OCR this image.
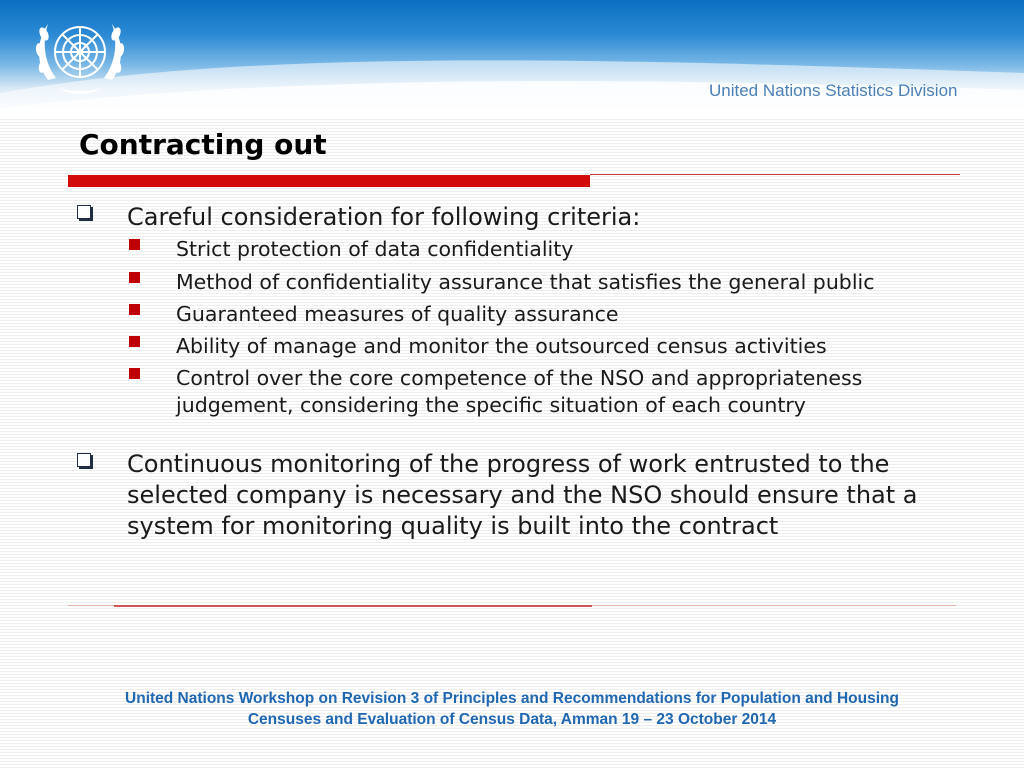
United Nations Statistics Division
Contracting out
Careful consideration for following criteria:
Strict protection of data confidentiality
Method of confidentiality assurance that satisfies the general public
Guaranteed measures of quality assurance
Ability of manage and monitor the outsourced census activities
Control over the core competence of the NSO and appropriateness
judgement, considering the specific situation of each country
Continuous monitoring of the progress of work entrusted to the
selected company is necessary and the NSO should ensure that a
system for monitoring quality is built into the contract
United Nations Workshop on Revision 3 of Principles and Recommendations for Population and Housing
Censuses and Evaluation of Census Data, Amman 19 – 23 October 2014
